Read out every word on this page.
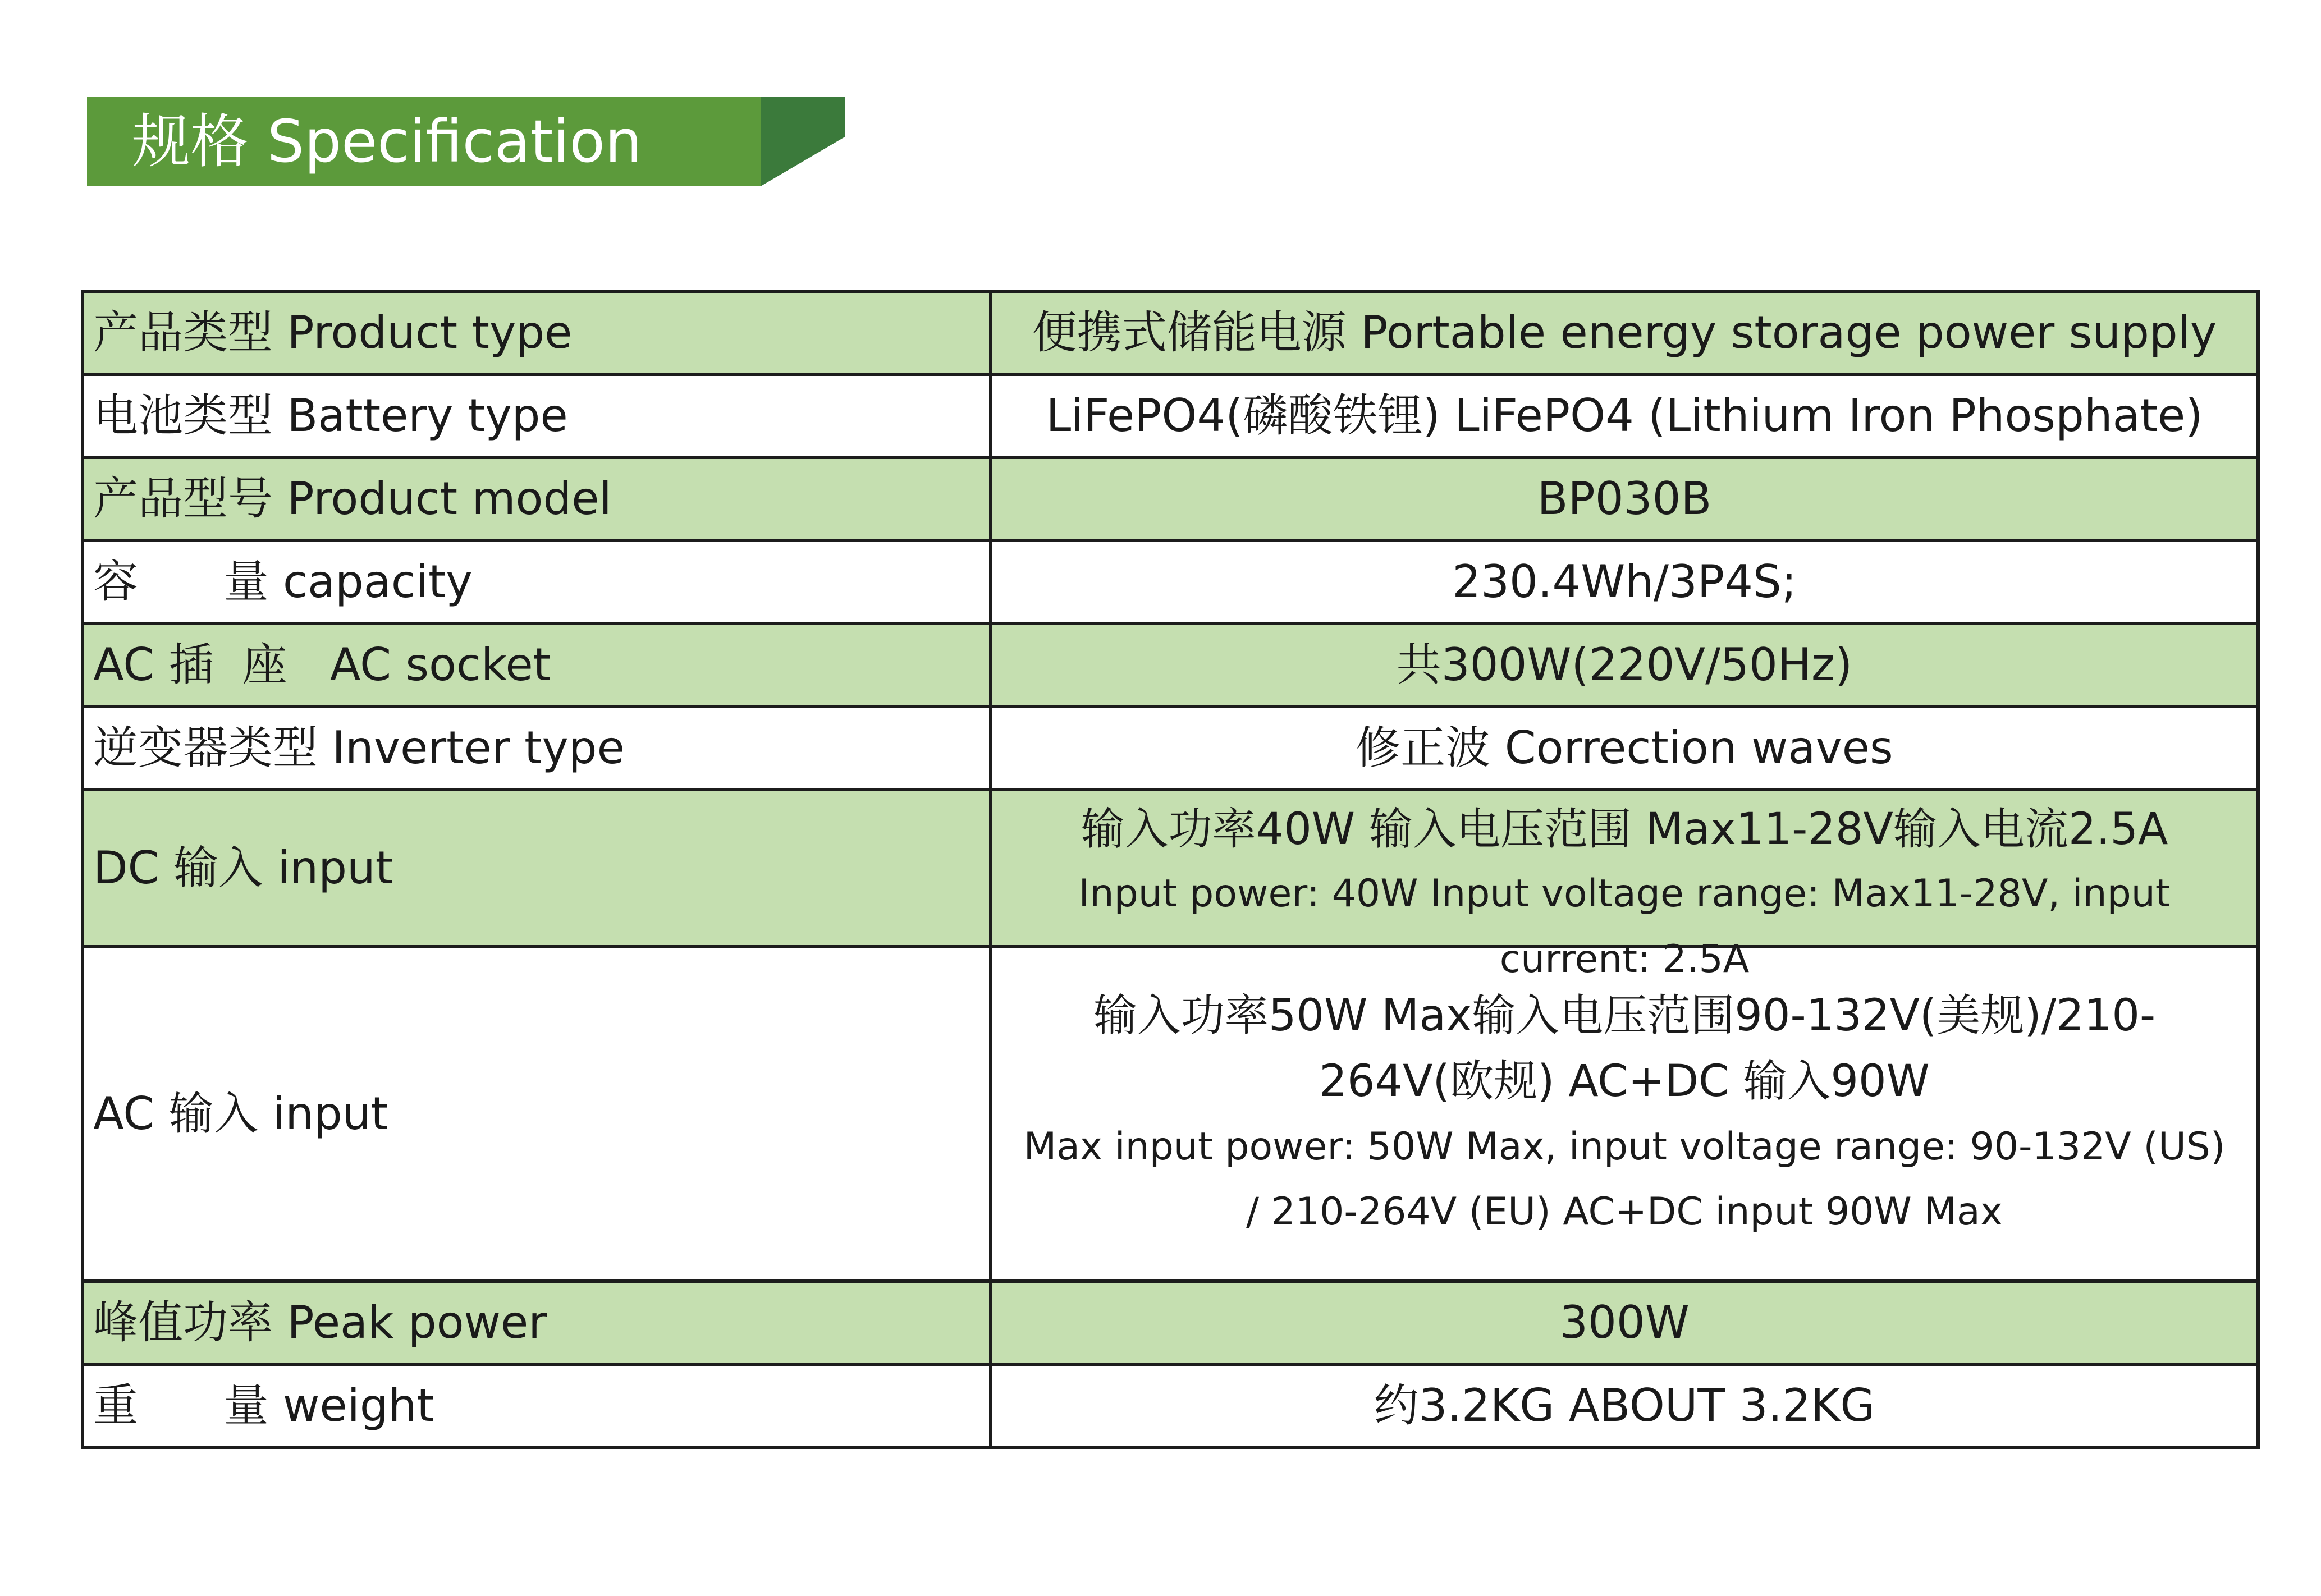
规格 Specification
产品类型 Product type	便携式储能电源 Portable energy storage power supply
电池类型 Battery type	LiFePO4(磷酸铁锂) LiFePO4 (Lithium Iron Phosphate)
产品型号 Product model	BP030B
容      量 capacity	230.4Wh/3P4S;
AC 插  座   AC socket	共300W(220V/50Hz)
逆变器类型 Inverter type	修正波 Correction waves
DC 输入 input	输入功率40W 输入电压范围 Max11-28V输入电流2.5A
Input power: 40W Input voltage range: Max11-28V, input current: 2.5A

AC 输入 input	输入功率50W Max输入电压范围90-132V(美规)/210-264V(欧规) AC+DC 输入90W
Max input power: 50W Max, input voltage range: 90-132V (US) / 210-264V (EU) AC+DC input 90W Max

峰值功率 Peak power	300W
重      量 weight	约3.2KG ABOUT 3.2KG
